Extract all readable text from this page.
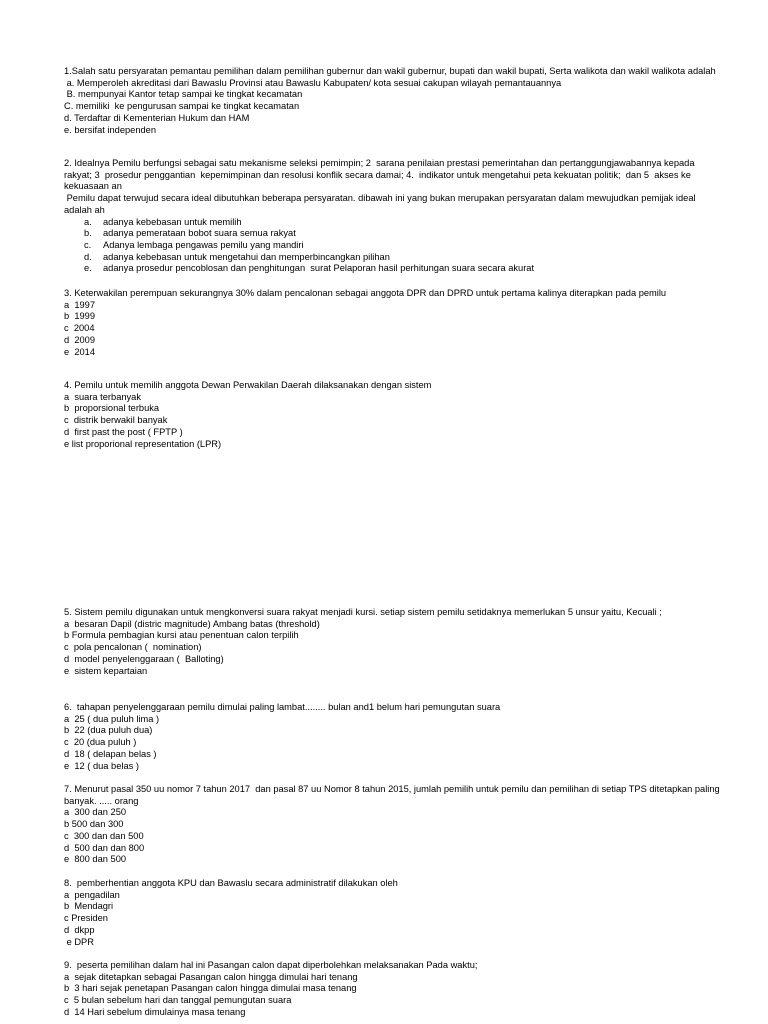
1.Salah satu persyaratan pemantau pemilihan dalam pemilihan gubernur dan wakil gubernur, bupati dan wakil bupati, Serta walikota dan wakil walikota adalah

a. Memperoleh akreditasi dari Bawaslu Provinsi atau Bawaslu Kabupaten/ kota sesuai cakupan wilayah pemantauannya

B. mempunyai Kantor tetap sampai ke tingkat kecamatan

C. memiliki  ke pengurusan sampai ke tingkat kecamatan

d. Terdaftar di Kementerian Hukum dan HAM

e. bersifat independen

2. Idealnya Pemilu berfungsi sebagai satu mekanisme seleksi pemimpin; 2  sarana penilaian prestasi pemerintahan dan pertanggungjawabannya kepada rakyat; 3  prosedur penggantian  kepemimpinan dan resolusi konflik secara damai; 4.  indikator untuk mengetahui peta kekuatan politik;  dan 5  akses ke kekuasaan an

Pemilu dapat terwujud secara ideal dibutuhkan beberapa persyaratan. dibawah ini yang bukan merupakan persyaratan dalam mewujudkan pemijak ideal adalah ah

a. adanya kebebasan untuk memilih
b. adanya pemerataan bobot suara semua rakyat
c. Adanya lembaga pengawas pemilu yang mandiri
d. adanya kebebasan untuk mengetahui dan memperbincangkan pilihan
e. adanya prosedur pencoblosan dan penghitungan  surat Pelaporan hasil perhitungan suara secara akurat

3. Keterwakilan perempuan sekurangnya 30% dalam pencalonan sebagai anggota DPR dan DPRD untuk pertama kalinya diterapkan pada pemilu

a  1997

b  1999

c  2004

d  2009

e  2014

4. Pemilu untuk memilih anggota Dewan Perwakilan Daerah dilaksanakan dengan sistem

a  suara terbanyak

b  proporsional terbuka

c  distrik berwakil banyak

d  first past the post ( FPTP )

e list proporional representation (LPR)

5. Sistem pemilu digunakan untuk mengkonversi suara rakyat menjadi kursi. setiap sistem pemilu setidaknya memerlukan 5 unsur yaitu, Kecuali ;

a  besaran Dapil (distric magnitude) Ambang batas (threshold)

b Formula pembagian kursi atau penentuan calon terpilih

c  pola pencalonan (  nomination)

d  model penyelenggaraan (  Balloting)

e  sistem kepartaian

6.  tahapan penyelenggaraan pemilu dimulai paling lambat........ bulan and1 belum hari pemungutan suara

a  25 ( dua puluh lima )

b  22 (dua puluh dua)

c  20 (dua puluh )

d  18 ( delapan belas )

e  12 ( dua belas )

7. Menurut pasal 350 uu nomor 7 tahun 2017  dan pasal 87 uu Nomor 8 tahun 2015, jumlah pemilih untuk pemilu dan pemilihan di setiap TPS ditetapkan paling banyak. ..... orang

a  300 dan 250

b 500 dan 300

c  300 dan dan 500

d  500 dan dan 800

e  800 dan 500

8.  pemberhentian anggota KPU dan Bawaslu secara administratif dilakukan oleh

a  pengadilan

b  Mendagri

c Presiden

d  dkpp

e DPR

9.  peserta pemilihan dalam hal ini Pasangan calon dapat diperbolehkan melaksanakan Pada waktu;

a  sejak ditetapkan sebagai Pasangan calon hingga dimulai hari tenang

b  3 hari sejak penetapan Pasangan calon hingga dimulai masa tenang

c  5 bulan sebelum hari dan tanggal pemungutan suara

d  14 Hari sebelum dimulainya masa tenang
